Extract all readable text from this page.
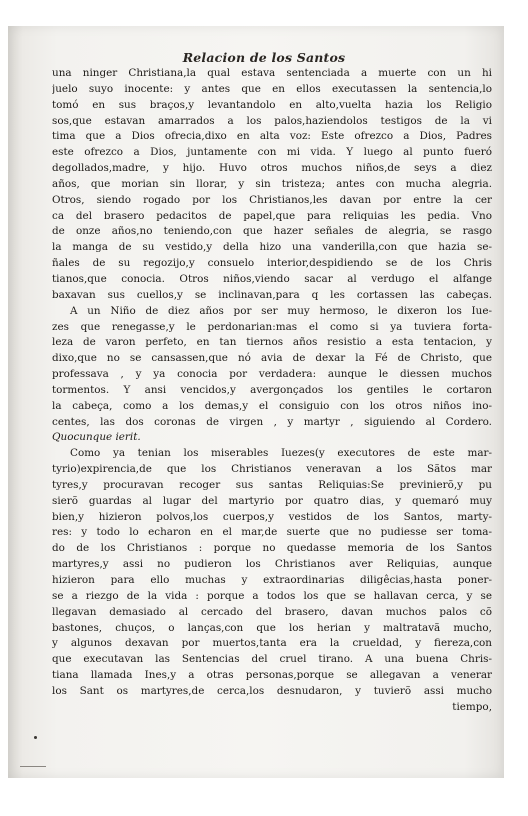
Relacion de los Santos
una ninger Christiana,la qual estava sentenciada a muerte con un hi
juelo suyo inocente: y antes que en ellos executassen la sentencia,lo
tomó en sus braços,y levantandolo en alto,vuelta hazia los Religio
sos,que estavan amarrados a los palos,haziendolos testigos de la vi
tima que a Dios ofrecia,dixo en alta voz: Este ofrezco a Dios, Padres
este ofrezco a Dios, juntamente con mi vida. Y luego al punto fueró
degollados,madre, y hijo. Huvo otros muchos niños,de seys a diez
años, que morian sin llorar, y sin tristeza; antes con mucha alegria.
Otros, siendo rogado por los Christianos,les davan por entre la cer
ca del brasero pedacitos de papel,que para reliquias les pedia. Vno
de onze años,no teniendo,con que hazer señales de alegria, se rasgo
la manga de su vestido,y della hizo una vanderilla,con que hazia se-
ñales de su regozijo,y consuelo interior,despidiendo se de los Chris
tianos,que conocia. Otros niños,viendo sacar al verdugo el alfange
baxavan sus cuellos,y se inclinavan,para q les cortassen las cabeças.
A un Niño de diez años por ser muy hermoso, le dixeron los Iue-
zes que renegasse,y le perdonarian:mas el como si ya tuviera forta-
leza de varon perfeto, en tan tiernos años resistio a esta tentacion, y
dixo,que no se cansassen,que nó avia de dexar la Fé de Christo, que
professava , y ya conocia por verdadera: aunque le diessen muchos
tormentos. Y ansi vencidos,y avergonçados los gentiles le cortaron
la cabeça, como a los demas,y el consiguio con los otros niños ino-
centes, las dos coronas de virgen , y martyr , siguiendo al Cordero.
Quocunque ierit.
Como ya tenian los miserables Iuezes(y executores de este mar-
tyrio)expirencia,de que los Christianos veneravan a los Sãtos mar
tyres,y procuravan recoger sus santas Reliquias:Se previnierõ,y pu
sierõ guardas al lugar del martyrio por quatro dias, y quemaró muy
bien,y hizieron polvos,los cuerpos,y vestidos de los Santos, marty-
res: y todo lo echaron en el mar,de suerte que no pudiesse ser toma-
do de los Christianos : porque no quedasse memoria de los Santos
martyres,y assi no pudieron los Christianos aver Reliquias, aunque
hizieron para ello muchas y extraordinarias diligêcias,hasta poner-
se a riezgo de la vida : porque a todos los que se hallavan cerca, y se
llegavan demasiado al cercado del brasero, davan muchos palos cõ
bastones, chuços, o lanças,con que los herian y maltratavã mucho,
y algunos dexavan por muertos,tanta era la crueldad, y fiereza,con
que executavan las Sentencias del cruel tirano. A una buena Chris-
tiana llamada Ines,y a otras personas,porque se allegavan a venerar
los Sant os martyres,de cerca,los desnudaron, y tuvierõ assi mucho
tiempo,
